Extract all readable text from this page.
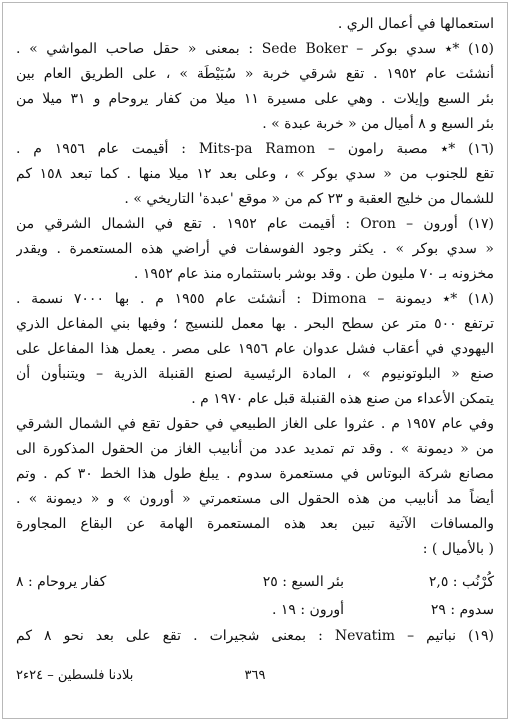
استعمالها في أعمال الري .
(١٥) *٭ سدي بوكر – Sede Boker : بمعنى « حقل صاحب المواشي » .
أنشئت عام ١٩٥٢ . تقع شرقي خربة « سُبَيْطَة » ، على الطريق العام بين
بئر السبع وإيلات . وهي على مسيرة ١١ ميلا من كفار يروحام و ٣١ ميلا من
بئر السبع و ٨ أميال من « خربة عبدة » .
(١٦) *٭ مصبة رامون – Mits-pa Ramon : أقيمت عام ١٩٥٦ م .
تقع للجنوب من « سدي بوكر » ، وعلى بعد ١٢ ميلا منها . كما تبعد ١٥٨ كم
للشمال من خليج العقبة و ٢٣ كم من « موقع 'عبدة' التاريخي » .
(١٧) أورون – Oron : أقيمت عام ١٩٥٢ . تقع في الشمال الشرقي من
« سدي بوكر » . يكثر وجود الفوسفات في أراضي هذه المستعمرة . ويقدر
مخزونه بـ ٧٠ مليون طن . وقد بوشر باستثماره منذ عام ١٩٥٢ .
(١٨) *٭ ديمونة – Dimona : أنشئت عام ١٩٥٥ م . بها ٧٠٠٠ نسمة .
ترتفع ٥٠٠ متر عن سطح البحر . بها معمل للنسيج ؛ وفيها بني المفاعل الذري
اليهودي في أعقاب فشل عدوان عام ١٩٥٦ على مصر . يعمل هذا المفاعل على
صنع « البلوتونيوم » ، المادة الرئيسية لصنع القنبلة الذرية – ويتنبأون أن
يتمكن الأعداء من صنع هذه القنبلة قبل عام ١٩٧٠ م .
وفي عام ١٩٥٧ م . عثروا على الغاز الطبيعي في حقول تقع في الشمال الشرقي
من « ديمونة » . وقد تم تمديد عدد من أنابيب الغاز من الحقول المذكورة الى
مصانع شركة البوتاس في مستعمرة سدوم . يبلغ طول هذا الخط ٣٠ كم . وتم
أيضاً مد أنابيب من هذه الحقول الى مستعمرتي « أورون » و « ديمونة » .
والمسافات الآتية تبين بعد هذه المستعمرة الهامة عن البقاع المجاورة
( بالأميال ) :
كُرْنُب : ٢,٥
بئر السبع : ٢٥
كفار يروحام : ٨
سدوم : ٢٩
أورون : ١٩ .
(١٩) نباتيم – Nevatim : بمعنى شجيرات . تقع على بعد نحو ٨ كم
٣٦٩
بلادنا فلسطين – ٢٤ء٢
